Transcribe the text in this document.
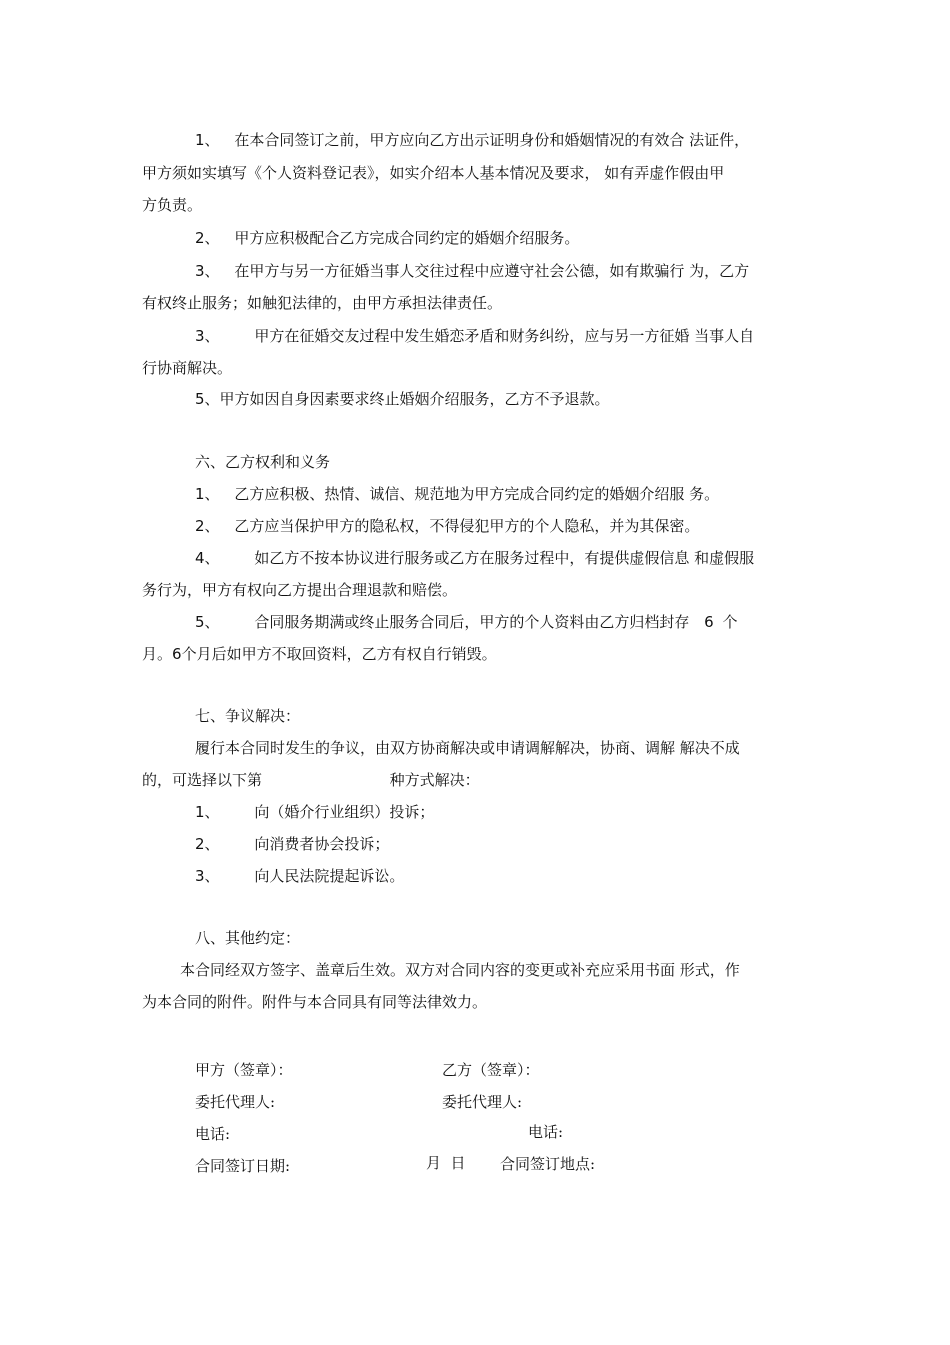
1、 在本合同签订之前，甲方应向乙方出示证明身份和婚姻情况的有效合 法证件，
甲方须如实填写《个人资料登记表》，如实介绍本人基本情况及要求， 如有弄虚作假由甲
方负责。
2、 甲方应积极配合乙方完成合同约定的婚姻介绍服务。
3、 在甲方与另一方征婚当事人交往过程中应遵守社会公德，如有欺骗行 为，乙方
有权终止服务；如触犯法律的，由甲方承担法律责任。
3、 甲方在征婚交友过程中发生婚恋矛盾和财务纠纷，应与另一方征婚 当事人自
行协商解决。
5、甲方如因自身因素要求终止婚姻介绍服务，乙方不予退款。
六、乙方权利和义务
1、 乙方应积极、热情、诚信、规范地为甲方完成合同约定的婚姻介绍服 务。
2、 乙方应当保护甲方的隐私权，不得侵犯甲方的个人隐私，并为其保密。
4、 如乙方不按本协议进行服务或乙方在服务过程中，有提供虚假信息 和虚假服
务行为，甲方有权向乙方提出合理退款和赔偿。
5、 合同服务期满或终止服务合同后，甲方的个人资料由乙方归档封存 6 个
月。6个月后如甲方不取回资料，乙方有权自行销毁。
七、争议解决：
履行本合同时发生的争议，由双方协商解决或申请调解解决，协商、调解 解决不成
的，可选择以下第	种方式解决：
1、 向（婚介行业组织）投诉；
2、 向消费者协会投诉；
3、 向人民法院提起诉讼。
八、其他约定：
本合同经双方签字、盖章后生效。双方对合同内容的变更或补充应采用书面 形式，作
为本合同的附件。附件与本合同具有同等法律效力。
甲方（签章）：	乙方（签章）：
委托代理人:	委托代理人:
电话:	电话:
合同签订日期:	月  日 合同签订地点:
